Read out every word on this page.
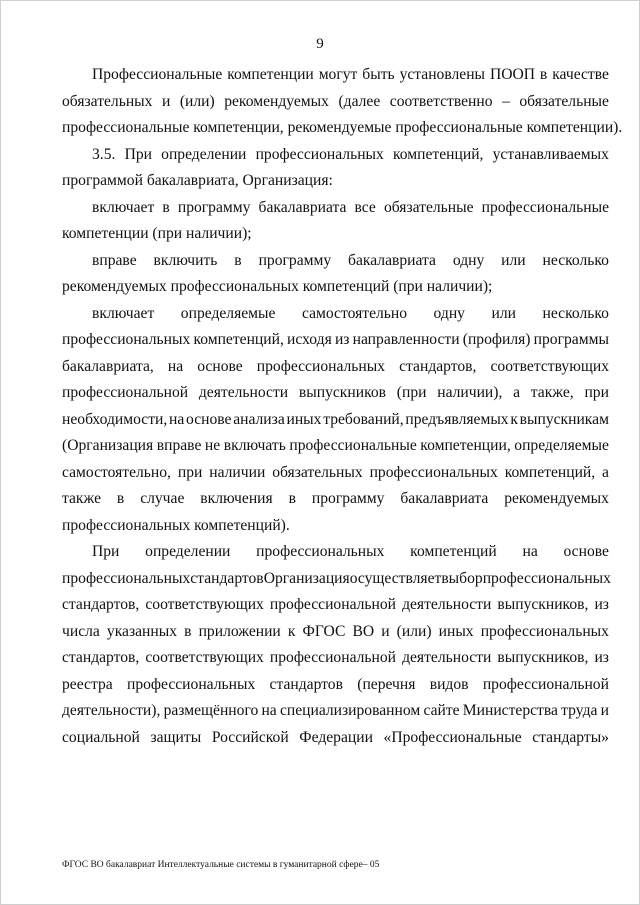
9
Профессиональные компетенции могут быть установлены ПООП в качестве
обязательных и (или) рекомендуемых (далее соответственно – обязательные
профессиональные компетенции, рекомендуемые профессиональные компетенции).
3.5. При определении профессиональных компетенций, устанавливаемых
программой бакалавриата, Организация:
включает в программу бакалавриата все обязательные профессиональные
компетенции (при наличии);
вправе включить в программу бакалавриата одну или несколько
рекомендуемых профессиональных компетенций (при наличии);
включает определяемые самостоятельно одну или несколько
профессиональных компетенций, исходя из направленности (профиля) программы
бакалавриата, на основе профессиональных стандартов, соответствующих
профессиональной деятельности выпускников (при наличии), а также, при
необходимости, на основе анализа иных требований, предъявляемых к выпускникам
(Организация вправе не включать профессиональные компетенции, определяемые
самостоятельно, при наличии обязательных профессиональных компетенций, а
также в случае включения в программу бакалавриата рекомендуемых
профессиональных компетенций).
При определении профессиональных компетенций на основе
профессиональных стандартов Организация осуществляет выбор профессиональных
стандартов, соответствующих профессиональной деятельности выпускников, из
числа указанных в приложении к ФГОС ВО и (или) иных профессиональных
стандартов, соответствующих профессиональной деятельности выпускников, из
реестра профессиональных стандартов (перечня видов профессиональной
деятельности), размещённого на специализированном сайте Министерства труда и
социальной защиты Российской Федерации «Профессиональные стандарты»
ФГОС ВО бакалавриат Интеллектуальные системы в гуманитарной сфере– 05
